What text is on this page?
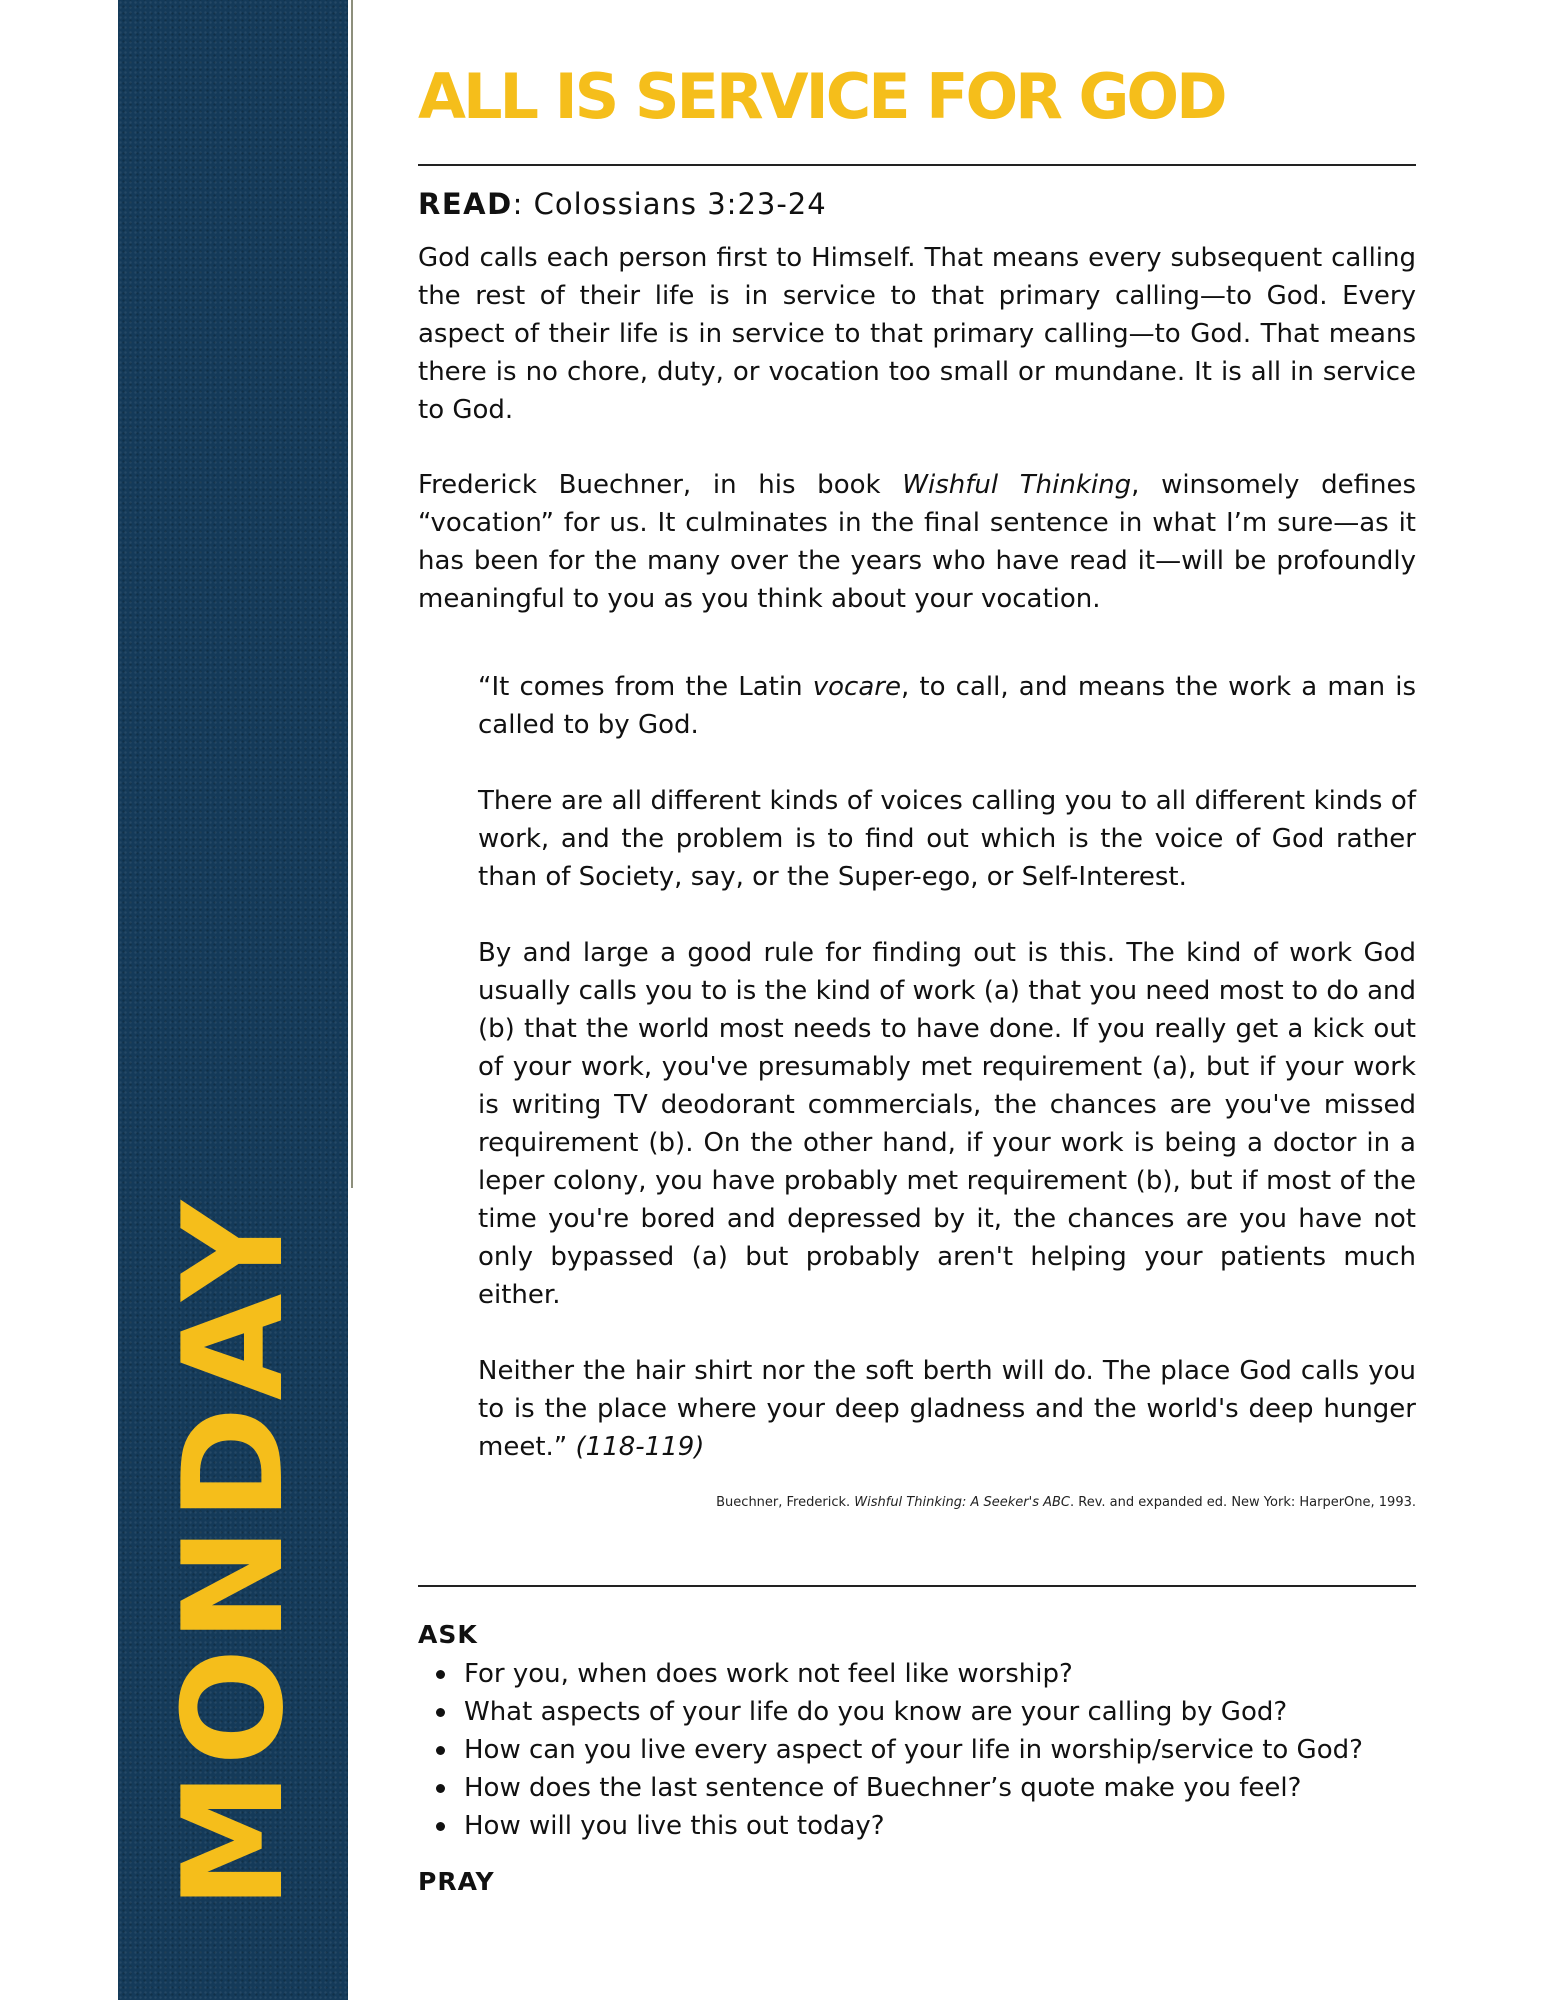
MONDAY
ALL IS SERVICE FOR GOD
READ: Colossians 3:23-24

God calls each person first to Himself. That means every subsequent calling the rest of their life is in service to that primary calling—to God. Every aspect of their life is in service to that primary calling—to God. That means there is no chore, duty, or vocation too small or mundane. It is all in service to God.

Frederick Buechner, in his book Wishful Thinking, winsomely defines “vocation” for us. It culminates in the final sentence in what I’m sure—as it has been for the many over the years who have read it—will be profoundly meaningful to you as you think about your vocation.

“It comes from the Latin vocare, to call, and means the work a man is called to by God.

There are all different kinds of voices calling you to all different kinds of work, and the problem is to find out which is the voice of God rather than of Society, say, or the Super-ego, or Self-Interest.

By and large a good rule for finding out is this. The kind of work God usually calls you to is the kind of work (a) that you need most to do and (b) that the world most needs to have done. If you really get a kick out of your work, you've presumably met requirement (a), but if your work is writing TV deodorant commercials, the chances are you've missed requirement (b). On the other hand, if your work is being a doctor in a leper colony, you have probably met requirement (b), but if most of the time you're bored and depressed by it, the chances are you have not only bypassed (a) but probably aren't helping your patients much either.

Neither the hair shirt nor the soft berth will do. The place God calls you to is the place where your deep gladness and the world's deep hunger meet.” (118-119)

Buechner, Frederick. Wishful Thinking: A Seeker's ABC. Rev. and expanded ed. New York: HarperOne, 1993.
ASK
For you, when does work not feel like worship?
What aspects of your life do you know are your calling by God?
How can you live every aspect of your life in worship/service to God?
How does the last sentence of Buechner’s quote make you feel?
How will you live this out today?
PRAY
